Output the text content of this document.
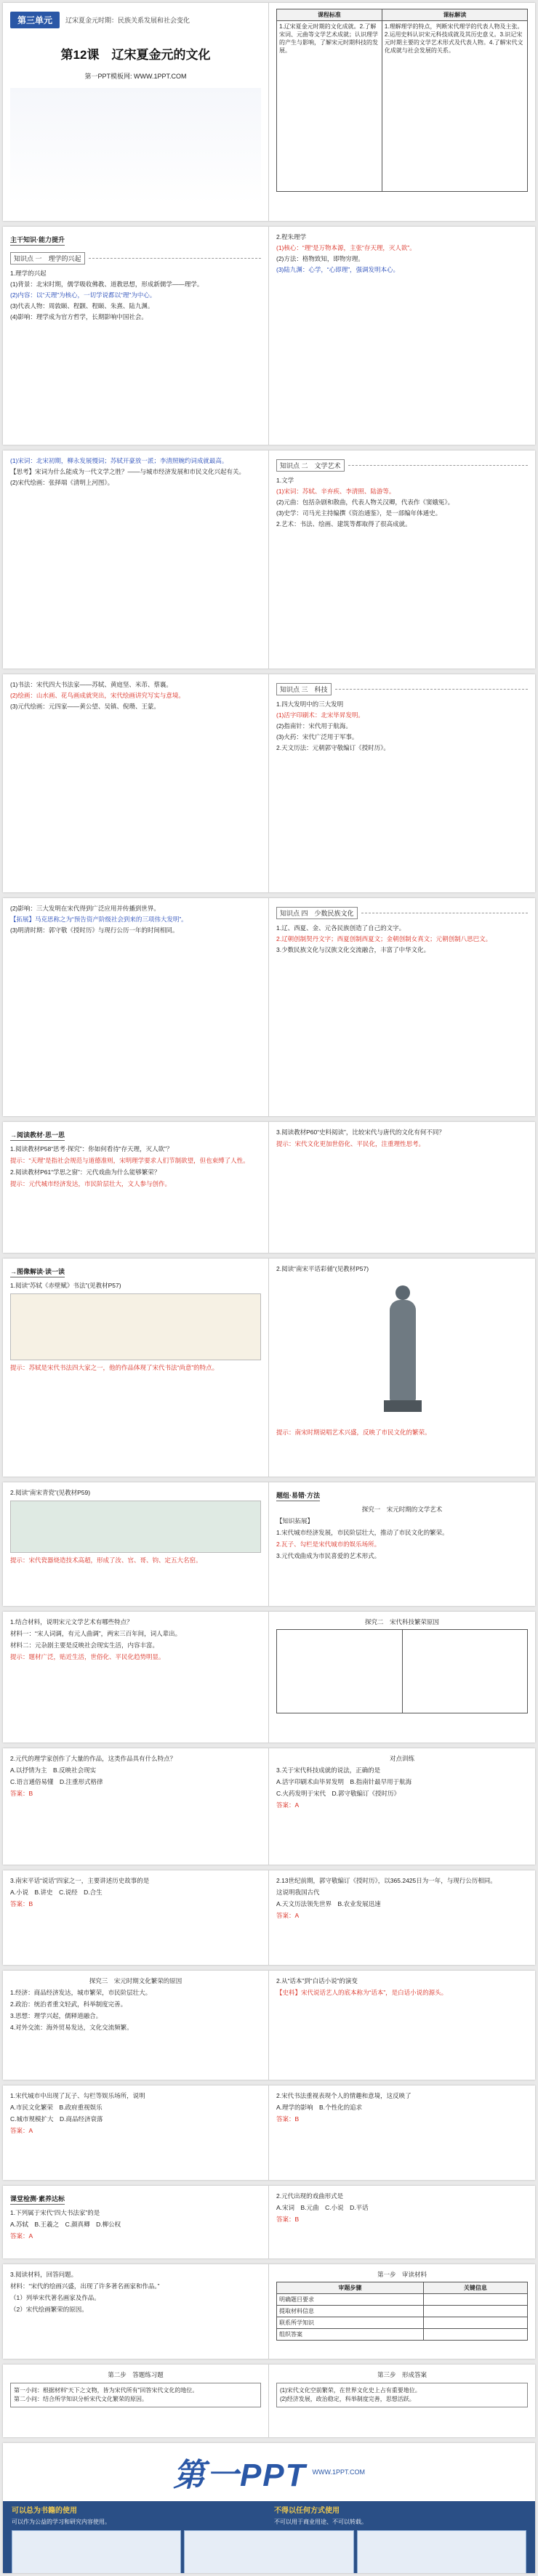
第三单元	辽宋夏金元时期：民族关系发展和社会变化
第12课　辽宋夏金元的文化
第一PPT模板网: WWW.1PPT.COM
课程标准	课标解读
1.辽宋夏金元时期的文化成就。2.了解宋词、元曲等文学艺术成就；认识理学的产生与影响，了解宋元时期科技的发展。	1.理解理学的特点，判断宋代理学的代表人物及主张。2.运用史料认识宋元科技成就及其历史意义。3.识记宋元时期主要的文学艺术形式及代表人物。4.了解宋代文化成就与社会发展的关系。
主干知识·能力提升
知识点 一　理学的兴起

1.理学的兴起

(1)背景：北宋时期，儒学吸收佛教、道教思想，形成新儒学——理学。

(2)内容：以“天理”为核心，一切学说都以“理”为中心。

(3)代表人物：周敦颐、程颢、程颐、朱熹、陆九渊。

(4)影响：理学成为官方哲学，长期影响中国社会。

2.程朱理学

(1)核心：“理”是万物本源，主张“存天理，灭人欲”。

(2)方法：格物致知，即物穷理。

(3)陆九渊：心学，“心即理”，强调发明本心。

(1)宋词：北宋初期，柳永发展慢词；苏轼开豪放一派；李清照婉约词成就最高。

【思考】宋词为什么能成为一代文学之胜？——与城市经济发展和市民文化兴起有关。

(2)宋代绘画：张择端《清明上河图》。

知识点 二　文学艺术

1.文学

(1)宋词：苏轼、辛弃疾、李清照、陆游等。

(2)元曲：包括杂剧和散曲，代表人物关汉卿，代表作《窦娥冤》。

(3)史学：司马光主持编撰《资治通鉴》，是一部编年体通史。

2.艺术：书法、绘画、建筑等都取得了很高成就。

(1)书法：宋代四大书法家——苏轼、黄庭坚、米芾、蔡襄。

(2)绘画：山水画、花鸟画成就突出，宋代绘画讲究写实与意境。

(3)元代绘画：元四家——黄公望、吴镇、倪瓒、王蒙。

知识点 三　科技

1.四大发明中的三大发明

(1)活字印刷术：北宋毕昇发明。

(2)指南针：宋代用于航海。

(3)火药：宋代广泛用于军事。

2.天文历法：元朝郭守敬编订《授时历》。

(2)影响：三大发明在宋代得到广泛应用并传播到世界。

【拓展】马克思称之为“预告资产阶级社会到来的三项伟大发明”。

(3)明清时期：郭守敬《授时历》与现行公历一年的时间相同。

知识点 四　少数民族文化

1.辽、西夏、金、元各民族创造了自己的文字。

2.辽朝创制契丹文字；西夏创制西夏文；金朝创制女真文；元朝创制八思巴文。

3.少数民族文化与汉族文化交流融合，丰富了中华文化。

→阅读教材·思一思

1.阅读教材P58“思考·探究”：你如何看待“存天理，灭人欲”？

提示：“天理”是指社会规范与道德准则，宋明理学要求人们节制欲望，但也束缚了人性。

2.阅读教材P61“学思之窗”：元代戏曲为什么能够繁荣？

提示：元代城市经济发达，市民阶层壮大，文人参与创作。

3.阅读教材P60“史料阅读”，比较宋代与唐代的文化有何不同？

提示：宋代文化更加世俗化、平民化，注重理性思考。

→图像解读·读一读

1.阅读“苏轼《赤壁赋》书法”(见教材P57)

提示：苏轼是宋代书法四大家之一，他的作品体现了宋代书法“尚意”的特点。

2.阅读“南宋平话彩俑”(见教材P57)

提示：南宋时期说唱艺术兴盛，反映了市民文化的繁荣。

2.阅读“南宋青瓷”(见教材P59)

提示：宋代瓷器烧造技术高超，形成了汝、官、哥、钧、定五大名窑。

题组·易错·方法

探究一　宋元时期的文学艺术

【知识拓展】

1.宋代城市经济发展，市民阶层壮大，推动了市民文化的繁荣。

2.瓦子、勾栏是宋代城市的娱乐场所。

3.元代戏曲成为市民喜爱的艺术形式。

1.结合材料，说明宋元文学艺术有哪些特点？

材料一：“宋人词调，有元人曲调”，两宋三百年间，词人辈出。

材料二：元杂剧主要是反映社会现实生活，内容丰富。

提示：题材广泛，贴近生活，世俗化、平民化趋势明显。

探究二　宋代科技繁荣原因

2.元代的理学家创作了大量的作品，这类作品具有什么特点？

A.以抒情为主　B.反映社会现实

C.语言通俗易懂　D.注重形式格律

答案：B

对点训练

3.关于宋代科技成就的说法，正确的是

A.活字印刷术由毕昇发明　B.指南针最早用于航海

C.火药发明于宋代　D.郭守敬编订《授时历》

答案：A

3.南宋平话“说话”四家之一，主要讲述历史故事的是

A.小说　B.讲史　C.说经　D.合生

答案：B

2.13世纪前期，郭守敬编订《授时历》，以365.2425日为一年，与现行公历相同。

这说明我国古代

A.天文历法领先世界　B.农业发展迅速

答案：A

探究三　宋元时期文化繁荣的原因

1.经济：商品经济发达，城市繁荣，市民阶层壮大。

2.政治：统治者重文轻武，科举制度完善。

3.思想：理学兴起，儒释道融合。

4.对外交流：海外贸易发达，文化交流频繁。

2.从“话本”到“白话小说”的演变

【史料】宋代说话艺人的底本称为“话本”，是白话小说的源头。

1.宋代城市中出现了瓦子、勾栏等娱乐场所，说明

A.市民文化繁荣　B.政府重视娱乐

C.城市规模扩大　D.商品经济衰落

答案：A

2.宋代书法重视表现个人的情趣和意境，这反映了

A.理学的影响　B.个性化的追求

答案：B

课堂检测·素养达标

1.下列属于宋代“四大书法家”的是

A.苏轼　B.王羲之　C.颜真卿　D.柳公权

答案：A

2.元代出现的戏曲形式是

A.宋词　B.元曲　C.小说　D.平话

答案：B

3.阅读材料，回答问题。

材料：“宋代的绘画兴盛，出现了许多著名画家和作品。”

（1）列举宋代著名画家及作品。

（2）宋代绘画繁荣的原因。

第一步　审读材料

审题步骤	关键信息
明确题目要求	
提取材料信息	
联系所学知识	
组织答案	

第二步　答题练习题

第一小问：根据材料“天下之文物，皆为宋代所有”回答宋代文化的地位。
第二小问：结合所学知识分析宋代文化繁荣的原因。

第三步　形成答案

(1)宋代文化空前繁荣，在世界文化史上占有重要地位。
(2)经济发展，政治稳定，科举制度完善，思想活跃。
第一PPT WWW.1PPT.COM
可以总为书籍的使用
可以作为公益的学习和研究内容使用。
不得以任何方式使用
不可以用于商业用途、不可以转载。
